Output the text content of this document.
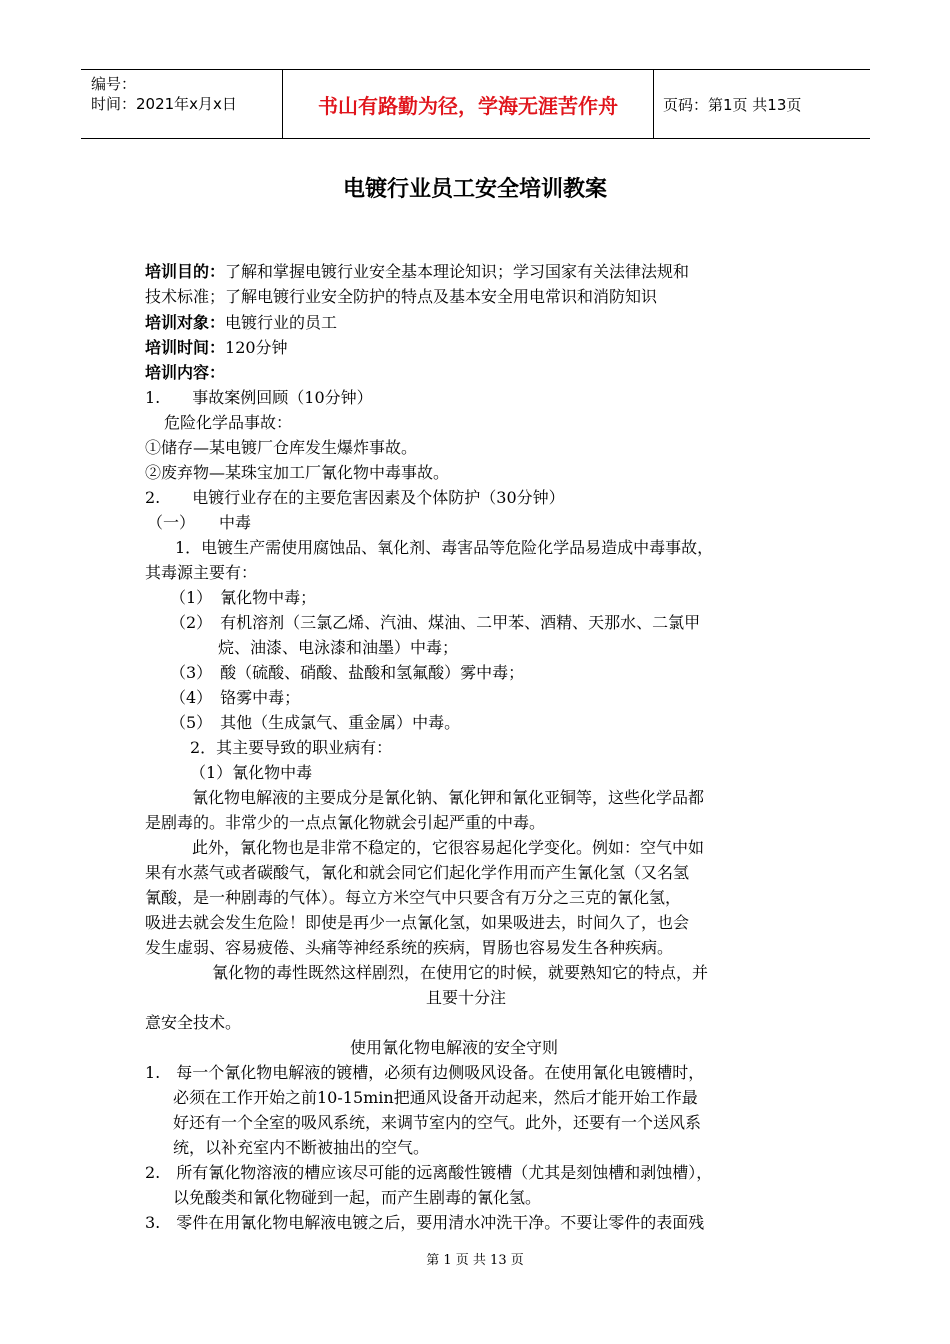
编号：
时间：2021年x月x日	书山有路勤为径，学海无涯苦作舟	页码：第1页 共13页
电镀行业员工安全培训教案
培训目的：了解和掌握电镀行业安全基本理论知识；学习国家有关法律法规和
技术标准；了解电镀行业安全防护的特点及基本安全用电常识和消防知识
培训对象：电镀行业的员工
培训时间：120分钟
培训内容：
1.　　事故案例回顾（10分钟）
危险化学品事故：
①储存—某电镀厂仓库发生爆炸事故。
②废弃物—某珠宝加工厂氰化物中毒事故。
2.　　电镀行业存在的主要危害因素及个体防护（30分钟）
（一）　　中毒
1．电镀生产需使用腐蚀品、氧化剂、毒害品等危险化学品易造成中毒事故，
其毒源主要有：
（1）　氰化物中毒；
（2）　有机溶剂（三氯乙烯、汽油、煤油、二甲苯、酒精、天那水、二氯甲
烷、油漆、电泳漆和油墨）中毒；
（3）　酸（硫酸、硝酸、盐酸和氢氟酸）雾中毒；
（4）　铬雾中毒；
（5）　其他（生成氯气、重金属）中毒。
2．其主要导致的职业病有：
（1）氰化物中毒
氰化物电解液的主要成分是氰化钠、氰化钾和氰化亚铜等，这些化学品都
是剧毒的。非常少的一点点氰化物就会引起严重的中毒。
此外，氰化物也是非常不稳定的，它很容易起化学变化。例如：空气中如
果有水蒸气或者碳酸气，氰化和就会同它们起化学作用而产生氰化氢（又名氢
氰酸，是一种剧毒的气体）。每立方米空气中只要含有万分之三克的氰化氢，
吸进去就会发生危险！即使是再少一点氰化氢，如果吸进去，时间久了，也会
发生虚弱、容易疲倦、头痛等神经系统的疾病，胃肠也容易发生各种疾病。
氰化物的毒性既然这样剧烈，在使用它的时候，就要熟知它的特点，并
且要十分注
意安全技术。
使用氰化物电解液的安全守则
1.　每一个氰化物电解液的镀槽，必须有边侧吸风设备。在使用氰化电镀槽时，
必须在工作开始之前10-15min把通风设备开动起来，然后才能开始工作最
好还有一个全室的吸风系统，来调节室内的空气。此外，还要有一个送风系
统，以补充室内不断被抽出的空气。
2.　所有氰化物溶液的槽应该尽可能的远离酸性镀槽（尤其是刻蚀槽和剥蚀槽），
以免酸类和氰化物碰到一起，而产生剧毒的氰化氢。
3.　零件在用氰化物电解液电镀之后，要用清水冲洗干净。不要让零件的表面残
第 1 页 共 13 页
